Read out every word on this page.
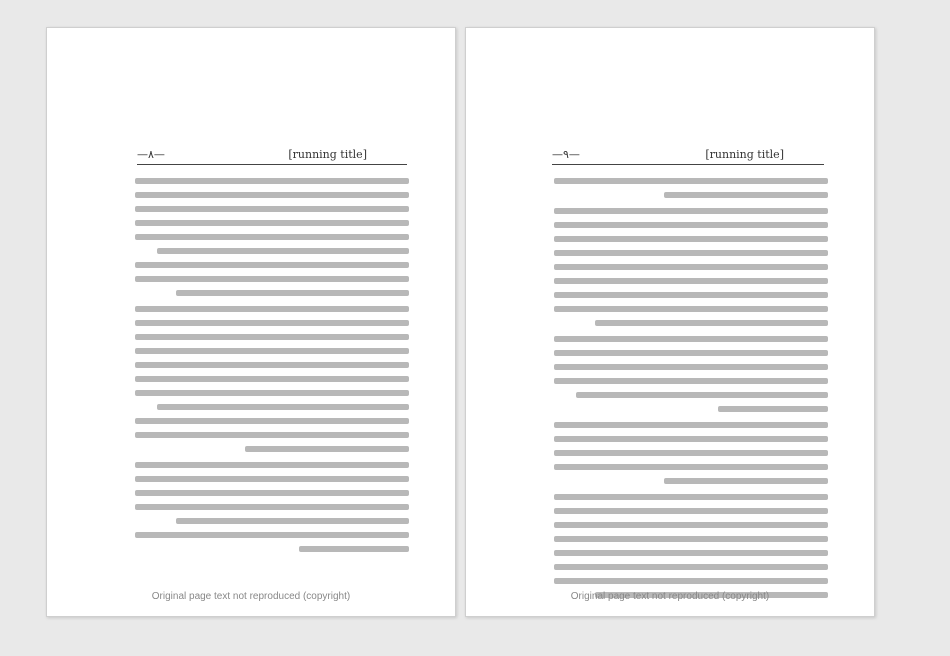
[running title]
—٨—
Original page text not reproduced (copyright)
[running title]
—٩—
Original page text not reproduced (copyright)
